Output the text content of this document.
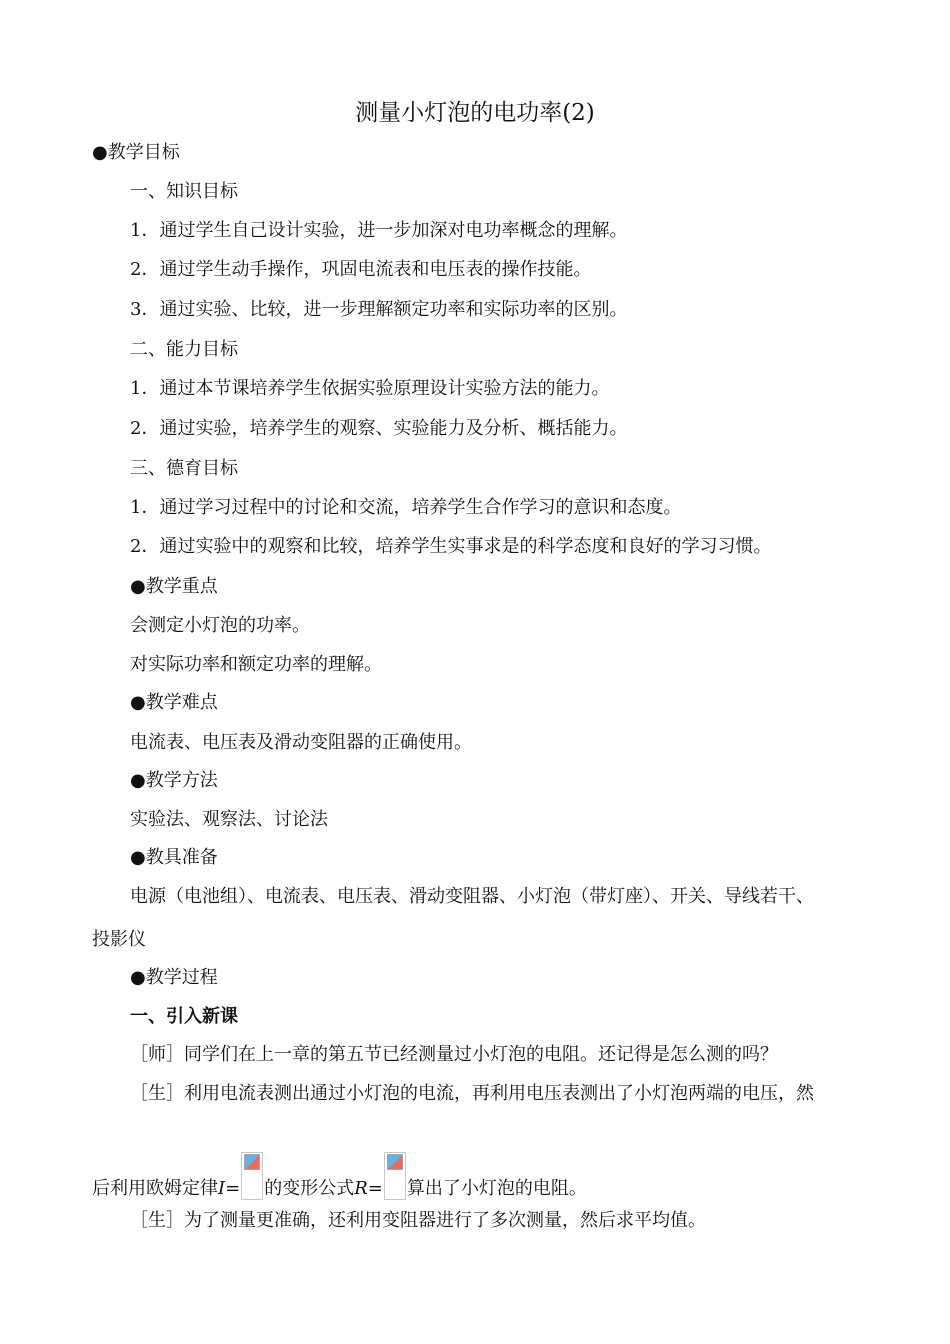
测量小灯泡的电功率(2)
●教学目标
一、知识目标
1．通过学生自己设计实验，进一步加深对电功率概念的理解。
2．通过学生动手操作，巩固电流表和电压表的操作技能。
3．通过实验、比较，进一步理解额定功率和实际功率的区别。
二、能力目标
1．通过本节课培养学生依据实验原理设计实验方法的能力。
2．通过实验，培养学生的观察、实验能力及分析、概括能力。
三、德育目标
1．通过学习过程中的讨论和交流，培养学生合作学习的意识和态度。
2．通过实验中的观察和比较，培养学生实事求是的科学态度和良好的学习习惯。
●教学重点
会测定小灯泡的功率。
对实际功率和额定功率的理解。
●教学难点
电流表、电压表及滑动变阻器的正确使用。
●教学方法
实验法、观察法、讨论法
●教具准备
电源（电池组）、电流表、电压表、滑动变阻器、小灯泡（带灯座）、开关、导线若干、
投影仪
●教学过程
一、引入新课
［师］同学们在上一章的第五节已经测量过小灯泡的电阻。还记得是怎么测的吗？
［生］利用电流表测出通过小灯泡的电流，再利用电压表测出了小灯泡两端的电压，然
后利用欧姆定律I= 的变形公式R= 算出了小灯泡的电阻。
［生］为了测量更准确，还利用变阻器进行了多次测量，然后求平均值。
